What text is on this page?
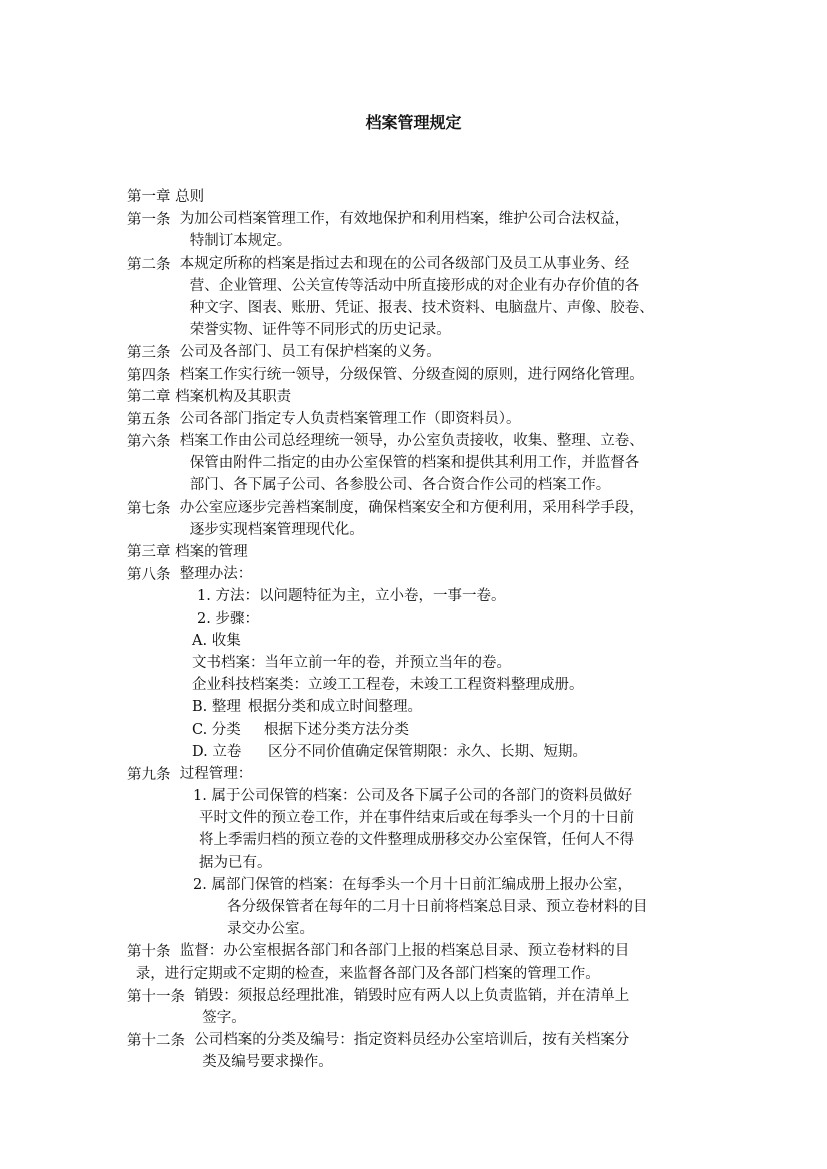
档案管理规定
第一章 总则
第一条
为加公司档案管理工作，有效地保护和利用档案，维护公司合法权益，
特制订本规定。
第二条
本规定所称的档案是指过去和现在的公司各级部门及员工从事业务、经
营、企业管理、公关宣传等活动中所直接形成的对企业有办存价值的各
种文字、图表、账册、凭证、报表、技术资料、电脑盘片、声像、胶卷、
荣誉实物、证件等不同形式的历史记录。
第三条
公司及各部门、员工有保护档案的义务。
第四条
档案工作实行统一领导，分级保管、分级查阅的原则，进行网络化管理。
第二章 档案机构及其职责
第五条
公司各部门指定专人负责档案管理工作（即资料员）。
第六条
档案工作由公司总经理统一领导，办公室负责接收，收集、整理、立卷、
保管由附件二指定的由办公室保管的档案和提供其利用工作，并监督各
部门、各下属子公司、各参股公司、各合资合作公司的档案工作。
第七条
办公室应逐步完善档案制度，确保档案安全和方便利用，采用科学手段，
逐步实现档案管理现代化。
第三章 档案的管理
第八条
整理办法：
1. 方法：以问题特征为主，立小卷，一事一卷。
2. 步骤：
A. 收集
文书档案：当年立前一年的卷，并预立当年的卷。
企业科技档案类：立竣工工程卷，未竣工工程资料整理成册。
B. 整理 根据分类和成立时间整理。
C. 分类 根据下述分类方法分类
D. 立卷 区分不同价值确定保管期限：永久、长期、短期。
第九条
过程管理：
1. 属于公司保管的档案：公司及各下属子公司的各部门的资料员做好
平时文件的预立卷工作，并在事件结束后或在每季头一个月的十日前
将上季需归档的预立卷的文件整理成册移交办公室保管，任何人不得
据为已有。
2. 属部门保管的档案：在每季头一个月十日前汇编成册上报办公室，
各分级保管者在每年的二月十日前将档案总目录、预立卷材料的目
录交办公室。
第十条
监督：办公室根据各部门和各部门上报的档案总目录、预立卷材料的目
录，进行定期或不定期的检查，来监督各部门及各部门档案的管理工作。
第十一条
销毁：须报总经理批准，销毁时应有两人以上负责监销，并在清单上
签字。
第十二条
公司档案的分类及编号：指定资料员经办公室培训后，按有关档案分
类及编号要求操作。
